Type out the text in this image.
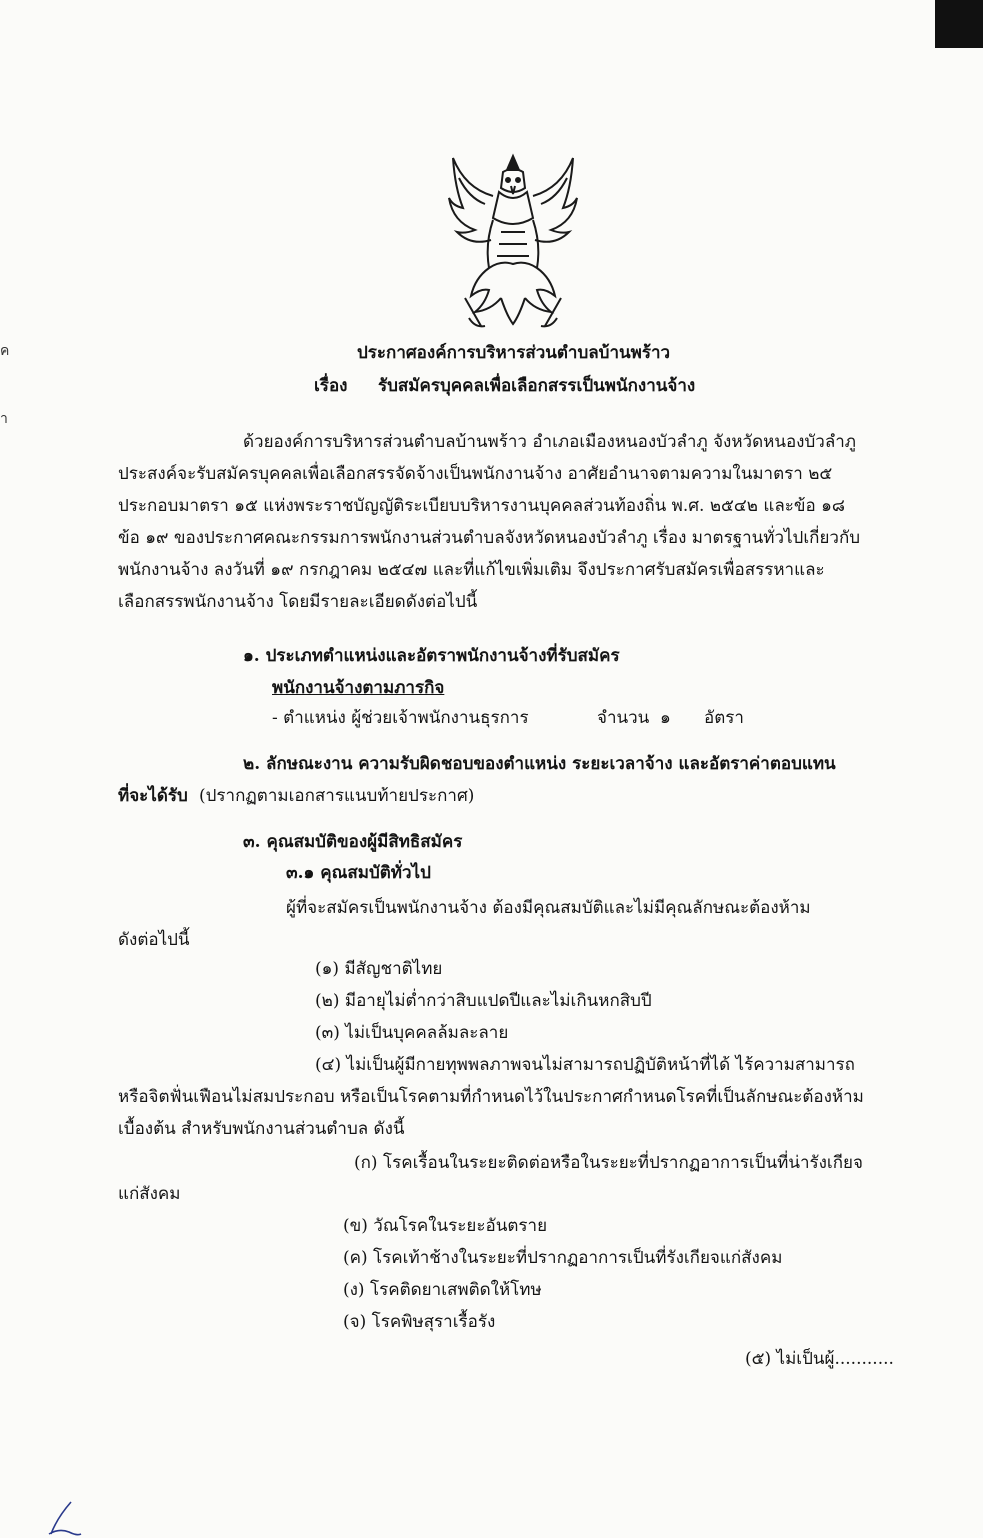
ค
า
ประกาศองค์การบริหารส่วนตำบลบ้านพร้าว
เรื่อง รับสมัครบุคคลเพื่อเลือกสรรเป็นพนักงานจ้าง
ด้วยองค์การบริหารส่วนตำบลบ้านพร้าว อำเภอเมืองหนองบัวลำภู จังหวัดหนองบัวลำภู
ประสงค์จะรับสมัครบุคคลเพื่อเลือกสรรจัดจ้างเป็นพนักงานจ้าง อาศัยอำนาจตามความในมาตรา ๒๕
ประกอบมาตรา ๑๕ แห่งพระราชบัญญัติระเบียบบริหารงานบุคคลส่วนท้องถิ่น พ.ศ. ๒๕๔๒ และข้อ ๑๘
ข้อ ๑๙ ของประกาศคณะกรรมการพนักงานส่วนตำบลจังหวัดหนองบัวลำภู เรื่อง มาตรฐานทั่วไปเกี่ยวกับ
พนักงานจ้าง ลงวันที่ ๑๙ กรกฎาคม ๒๕๔๗ และที่แก้ไขเพิ่มเติม จึงประกาศรับสมัครเพื่อสรรหาและ
เลือกสรรพนักงานจ้าง โดยมีรายละเอียดดังต่อไปนี้
๑. ประเภทตำแหน่งและอัตราพนักงานจ้างที่รับสมัคร
พนักงานจ้างตามภารกิจ
- ตำแหน่ง ผู้ช่วยเจ้าพนักงานธุรการ	จำนวน ๑ อัตรา
๒. ลักษณะงาน ความรับผิดชอบของตำแหน่ง ระยะเวลาจ้าง และอัตราค่าตอบแทน
ที่จะได้รับ (ปรากฏตามเอกสารแนบท้ายประกาศ)
๓. คุณสมบัติของผู้มีสิทธิสมัคร
๓.๑ คุณสมบัติทั่วไป
ผู้ที่จะสมัครเป็นพนักงานจ้าง ต้องมีคุณสมบัติและไม่มีคุณลักษณะต้องห้าม
ดังต่อไปนี้
(๑) มีสัญชาติไทย
(๒) มีอายุไม่ต่ำกว่าสิบแปดปีและไม่เกินหกสิบปี
(๓) ไม่เป็นบุคคลล้มละลาย
(๔) ไม่เป็นผู้มีกายทุพพลภาพจนไม่สามารถปฏิบัติหน้าที่ได้ ไร้ความสามารถ
หรือจิตฟั่นเฟือนไม่สมประกอบ หรือเป็นโรคตามที่กำหนดไว้ในประกาศกำหนดโรคที่เป็นลักษณะต้องห้าม
เบื้องต้น สำหรับพนักงานส่วนตำบล ดังนี้
(ก) โรคเรื้อนในระยะติดต่อหรือในระยะที่ปรากฏอาการเป็นที่น่ารังเกียจ
แก่สังคม
(ข) วัณโรคในระยะอันตราย
(ค) โรคเท้าช้างในระยะที่ปรากฏอาการเป็นที่รังเกียจแก่สังคม
(ง) โรคติดยาเสพติดให้โทษ
(จ) โรคพิษสุราเรื้อรัง
(๕) ไม่เป็นผู้...........
